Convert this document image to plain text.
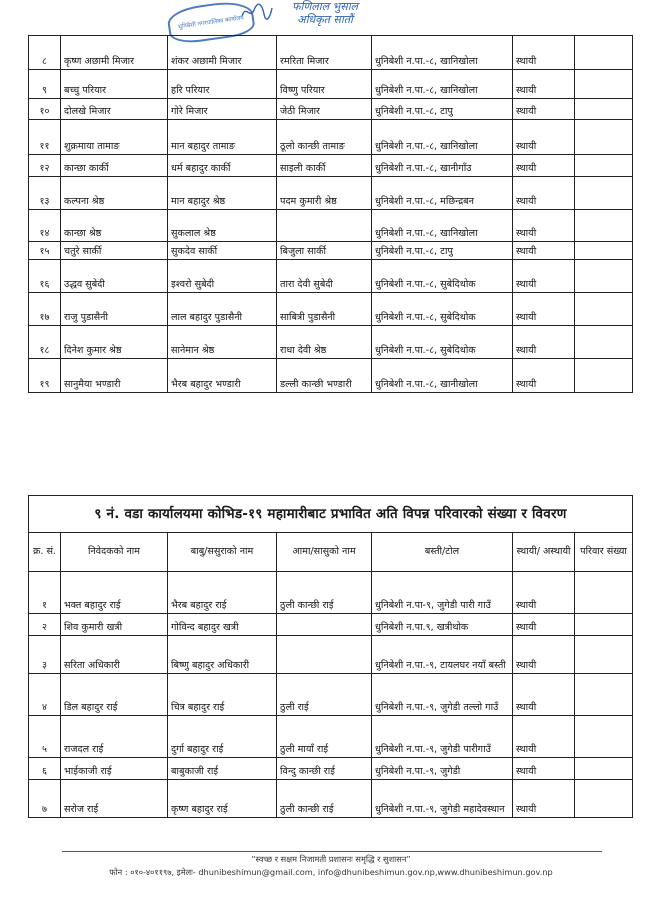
धुनिबेशी नगरपालिका कार्यालय
फणिलाल भुसाल
अधिकृत सातौं
८	कृष्ण अछामी मिजार	शंकर अछामी मिजार	रमरिता मिजार	धुनिबेशी न.पा.-८, खानिखोला	स्थायी	
९	बच्चु परियार	हरि परियार	विष्णु परियार	धुनिबेशी न.पा.-८, खानिखोला	स्थायी	
१०	दोलखे मिजार	गोरे मिजार	जेठी मिजार	धुनिबेशी न.पा.-८, टापु	स्थायी	
११	शुक्रमाया तामाङ	मान बहादुर तामाङ	ठूलो कान्छी तामाङ	धुनिबेशी न.पा.-८, खानिखोला	स्थायी	
१२	कान्छा कार्की	धर्म बहादुर कार्की	साइली कार्की	धुनिबेशी न.पा.-८, खानीगाँउ	स्थायी	
१३	कल्पना श्रेष्ठ	मान बहादुर श्रेष्ठ	पदम कुमारी श्रेष्ठ	धुनिबेशी न.पा.-८, मछिन्द्रबन	स्थायी	
१४	कान्छा श्रेष्ठ	सुकलाल श्रेष्ठ		धुनिबेशी न.पा.-८, खानिखोला	स्थायी	
१५	चतुरे सार्की	सुकदेव सार्की	बिजुला सार्की	धुनिबेशी न.पा.-८, टापु	स्थायी	
१६	उद्धव सुबेदी	इश्वरो सुबेदी	तारा देवी सुबेदी	धुनिबेशी न.पा.-८, सुबेदिथोक	स्थायी	
१७	राजु पुडासैनी	लाल बहादुर पुडासैनी	साबित्री पुडासैनी	धुनिबेशी न.पा.-८, सुबेदिथोक	स्थायी	
१८	दिनेश कुमार श्रेष्ठ	सानेमान श्रेष्ठ	राधा देवी श्रेष्ठ	धुनिबेशी न.पा.-८, सुबेदिथोक	स्थायी	
१९	सानुमैया भण्डारी	भैरब बहादुर भण्डारी	डल्ली कान्छी भण्डारी	धुनिबेशी न.पा.-८, खानीखोला	स्थायी	
९ नं. वडा कार्यालयमा कोभिड-१९ महामारीबाट प्रभावित अति विपन्न परिवारको संख्या र विवरण						
क्र. सं.	निवेदकको नाम	बाबु/ससुराको नाम	आमा/सासुको नाम	बस्ती/टोल	स्थायी/ अस्थायी	परिवार संख्या
१	भक्त बहादुर राई	भैरब बहादुर राई	ठुली कान्छी राई	धुनिबेशी न.पा-९, जुगेडी पारी गाउँ	स्थायी	
२	शिव कुमारी खत्री	गोविन्द बहादुर खत्री		धुनिबेशी न.पा.९, खत्रीथोक	स्थायी	
३	सरिता अधिकारी	बिष्णु बहादुर अधिकारी		धुनिबेशी न.पा.-९, टायलघर नयाँ बस्ती	स्थायी	
४	डिल बहादुर राई	चित्र बहादुर राई	ठुली राई	धुनिबेशी न.पा.-९, जुगेडी तल्लो गाउँ	स्थायी	
५	राजदल राई	दुर्गा बहादुर राई	ठुली मायाँ राई	धुनिबेशी न.पा.-९, जुगेडी पारीगाउँ	स्थायी	
६	भाईकाजी राई	बाबुकाजी राई	विन्दु कान्छी राई	धुनिबेशी न.पा.-९, जुगेडी	स्थायी	
७	सरोज राई	कृष्ण बहादुर राई	ठुली कान्छी राई	धुनिबेशी न.पा.-९, जुगेडी महादेवस्थान	स्थायी	
“स्वच्छ र सक्षम निजामती प्रशासनः समृद्धि र सुशासन”
फोन : ०१०-४०११९७, इमेलः- dhunibeshimun@gmail.com, info@dhunibeshimun.gov.np,www.dhunibeshimun.gov.np
